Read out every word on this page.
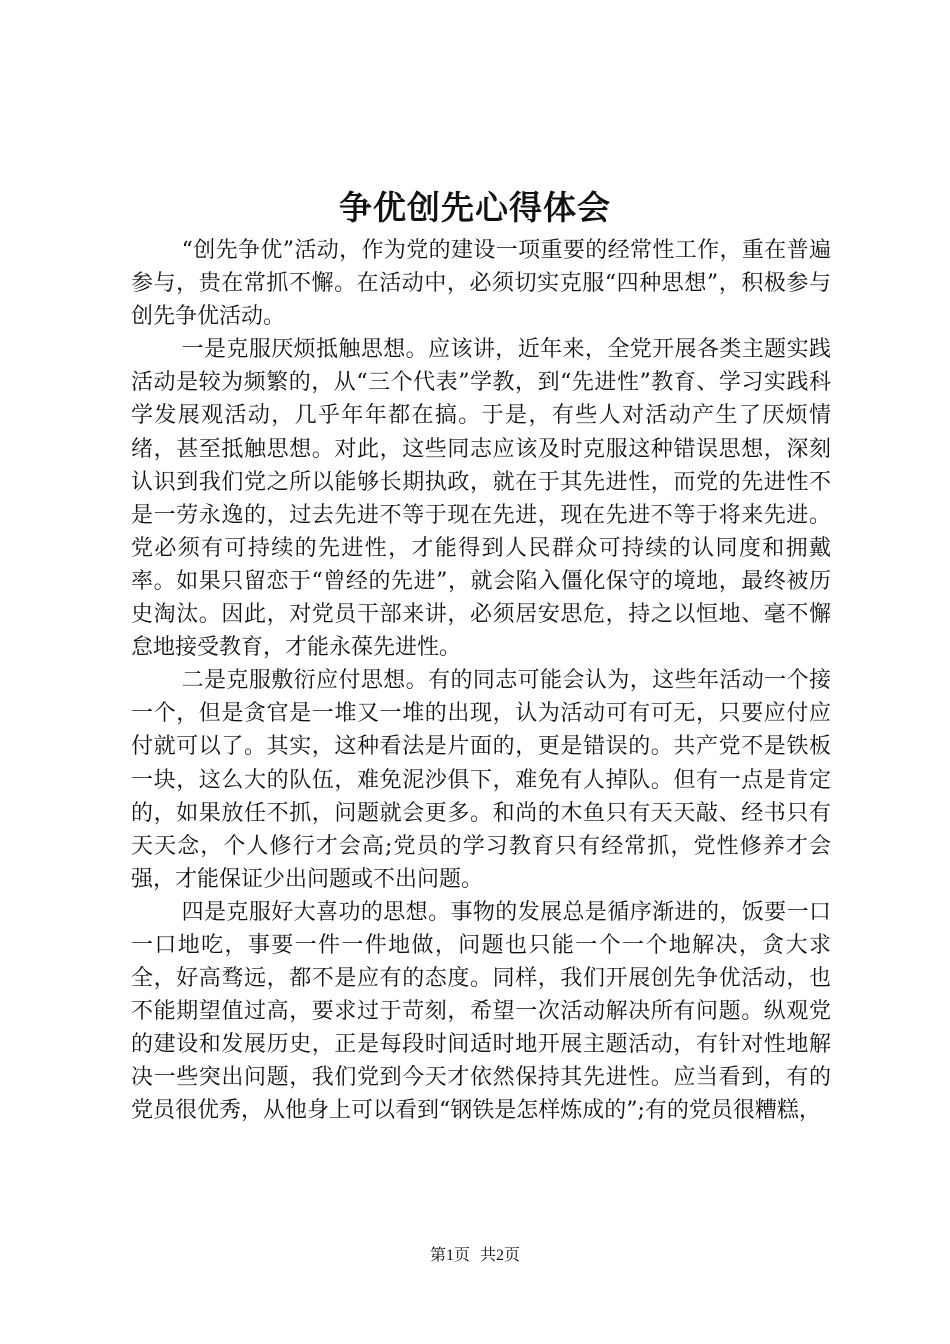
争优创先心得体会

“创先争优”活动，作为党的建设一项重要的经常性工作，重在普遍参与，贵在常抓不懈。在活动中，必须切实克服“四种思想”，积极参与创先争优活动。

一是克服厌烦抵触思想。应该讲，近年来，全党开展各类主题实践活动是较为频繁的，从“三个代表”学教，到“先进性”教育、学习实践科学发展观活动，几乎年年都在搞。于是，有些人对活动产生了厌烦情绪，甚至抵触思想。对此，这些同志应该及时克服这种错误思想，深刻认识到我们党之所以能够长期执政，就在于其先进性，而党的先进性不是一劳永逸的，过去先进不等于现在先进，现在先进不等于将来先进。党必须有可持续的先进性，才能得到人民群众可持续的认同度和拥戴率。如果只留恋于“曾经的先进”，就会陷入僵化保守的境地，最终被历史淘汰。因此，对党员干部来讲，必须居安思危，持之以恒地、毫不懈怠地接受教育，才能永葆先进性。

二是克服敷衍应付思想。有的同志可能会认为，这些年活动一个接一个，但是贪官是一堆又一堆的出现，认为活动可有可无，只要应付应付就可以了。其实，这种看法是片面的，更是错误的。共产党不是铁板一块，这么大的队伍，难免泥沙俱下，难免有人掉队。但有一点是肯定的，如果放任不抓，问题就会更多。和尚的木鱼只有天天敲、经书只有天天念，个人修行才会高;党员的学习教育只有经常抓，党性修养才会强，才能保证少出问题或不出问题。

四是克服好大喜功的思想。事物的发展总是循序渐进的，饭要一口一口地吃，事要一件一件地做，问题也只能一个一个地解决，贪大求全，好高骛远，都不是应有的态度。同样，我们开展创先争优活动，也不能期望值过高，要求过于苛刻，希望一次活动解决所有问题。纵观党的建设和发展历史，正是每段时间适时地开展主题活动，有针对性地解决一些突出问题，我们党到今天才依然保持其先进性。应当看到，有的党员很优秀，从他身上可以看到“钢铁是怎样炼成的”;有的党员很糟糕，

第1页 共2页
